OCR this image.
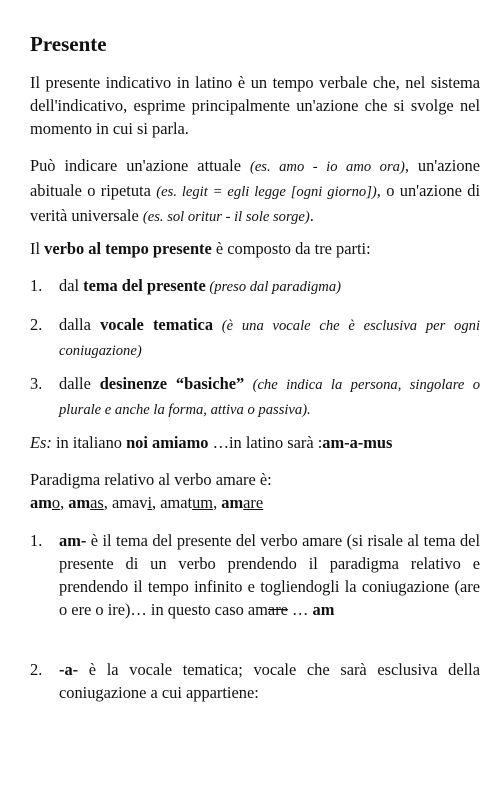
Presente

Il presente indicativo in latino è un tempo verbale che, nel sistema dell'indicativo, esprime principalmente un'azione che si svolge nel momento in cui si parla.

Può indicare un'azione attuale (es. amo - io amo ora), un'azione abituale o ripetuta (es. legit = egli legge [ogni giorno]), o un'azione di verità universale (es. sol oritur - il sole sorge).

Il verbo al tempo presente è composto da tre parti:

1.	dal tema del presente (preso dal paradigma)
2.	dalla vocale tematica (è una vocale che è esclusiva per ogni coniugazione)
3.	dalle desinenze “basiche” (che indica la persona, singolare o plurale e anche la forma, attiva o passiva).

Es: in italiano noi amiamo …in latino sarà :am-a-mus

Paradigma relativo al verbo amare è:

amo, amas, amavi, amatum, amare

1.	am- è il tema del presente del verbo amare (si risale al tema del presente di un verbo prendendo il paradigma relativo e prendendo il tempo infinito e togliendogli la coniugazione (are o ere o ire)… in questo caso amare … am
2.	-a- è la vocale tematica; vocale che sarà esclusiva della coniugazione a cui appartiene:
